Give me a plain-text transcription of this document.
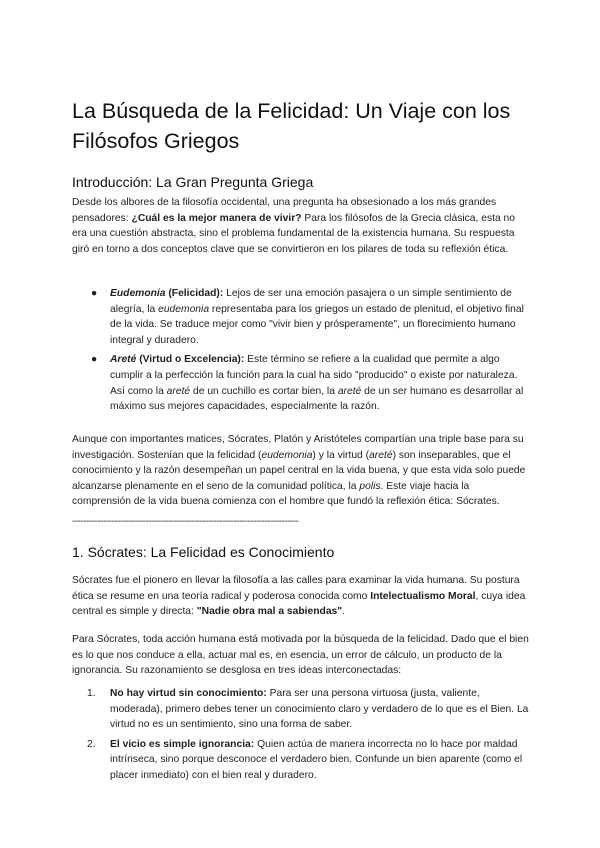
La Búsqueda de la Felicidad: Un Viaje con los Filósofos Griegos
Introducción: La Gran Pregunta Griega

Desde los albores de la filosofía occidental, una pregunta ha obsesionado a los más grandes pensadores: ¿Cuál es la mejor manera de vivir? Para los filósofos de la Grecia clásica, esta no era una cuestión abstracta, sino el problema fundamental de la existencia humana. Su respuesta giró en torno a dos conceptos clave que se convirtieron en los pilares de toda su reflexión ética.

● Eudemonia (Felicidad): Lejos de ser una emoción pasajera o un simple sentimiento de alegría, la eudemonia representaba para los griegos un estado de plenitud, el objetivo final de la vida. Se traduce mejor como "vivir bien y prósperamente", un florecimiento humano integral y duradero.
● Areté (Virtud o Excelencia): Este término se refiere a la cualidad que permite a algo cumplir a la perfección la función para la cual ha sido "producido" o existe por naturaleza. Así como la areté de un cuchillo es cortar bien, la areté de un ser humano es desarrollar al máximo sus mejores capacidades, especialmente la razón.

Aunque con importantes matices, Sócrates, Platón y Aristóteles compartían una triple base para su investigación. Sostenían que la felicidad (eudemonia) y la virtud (areté) son inseparables, que el conocimiento y la razón desempeñan un papel central en la vida buena, y que esta vida solo puede alcanzarse plenamente en el seno de la comunidad política, la polis. Este viaje hacia la comprensión de la vida buena comienza con el hombre que fundó la reflexión ética: Sócrates.

--------------------------------------------------------------------------------
1. Sócrates: La Felicidad es Conocimiento

Sócrates fue el pionero en llevar la filosofía a las calles para examinar la vida humana. Su postura ética se resume en una teoría radical y poderosa conocida como Intelectualismo Moral, cuya idea central es simple y directa: "Nadie obra mal a sabiendas".

Para Sócrates, toda acción humana está motivada por la búsqueda de la felicidad. Dado que el bien es lo que nos conduce a ella, actuar mal es, en esencia, un error de cálculo, un producto de la ignorancia. Su razonamiento se desglosa en tres ideas interconectadas:

1. No hay virtud sin conocimiento: Para ser una persona virtuosa (justa, valiente, moderada), primero debes tener un conocimiento claro y verdadero de lo que es el Bien. La virtud no es un sentimiento, sino una forma de saber.
2. El vicio es simple ignorancia: Quien actúa de manera incorrecta no lo hace por maldad intrínseca, sino porque desconoce el verdadero bien. Confunde un bien aparente (como el placer inmediato) con el bien real y duradero.
